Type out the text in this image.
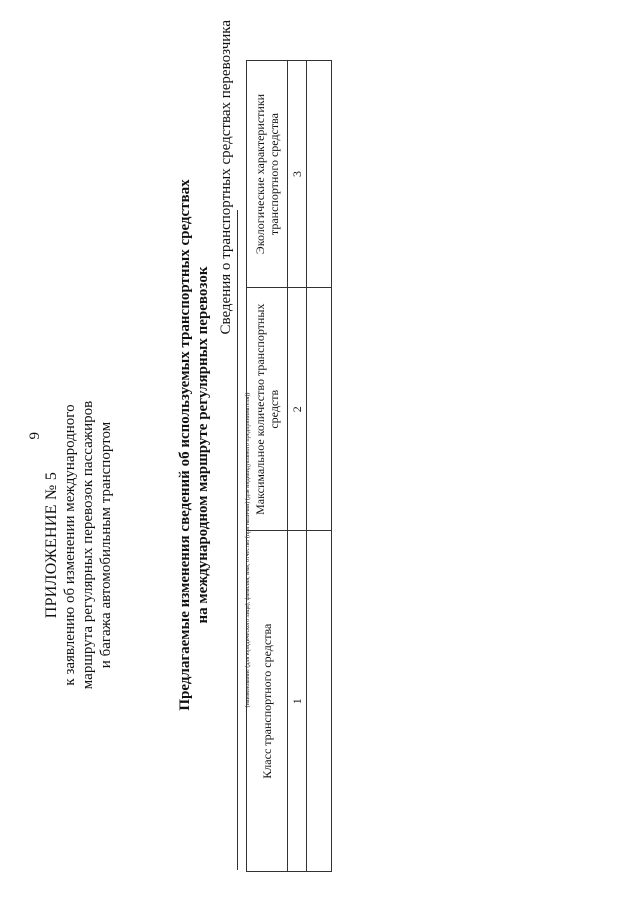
9
ПРИЛОЖЕНИЕ № 5 к заявлению об изменении международного маршрута регулярных перевозок пассажиров и багажа автомобильным транспортом	Предлагаемые изменения сведений об используемых транспортных средствах на международном маршруте регулярных перевозок
Сведения о транспортных средствах перевозчика
(наименование (для юридического лица), фамилия, имя, отчество (при наличии) (для индивидуального предпринимателя)) Класс транспортного средства	Максимальное количество транспортных средств	Экологические характеристики транспортного средства
1	2	3
